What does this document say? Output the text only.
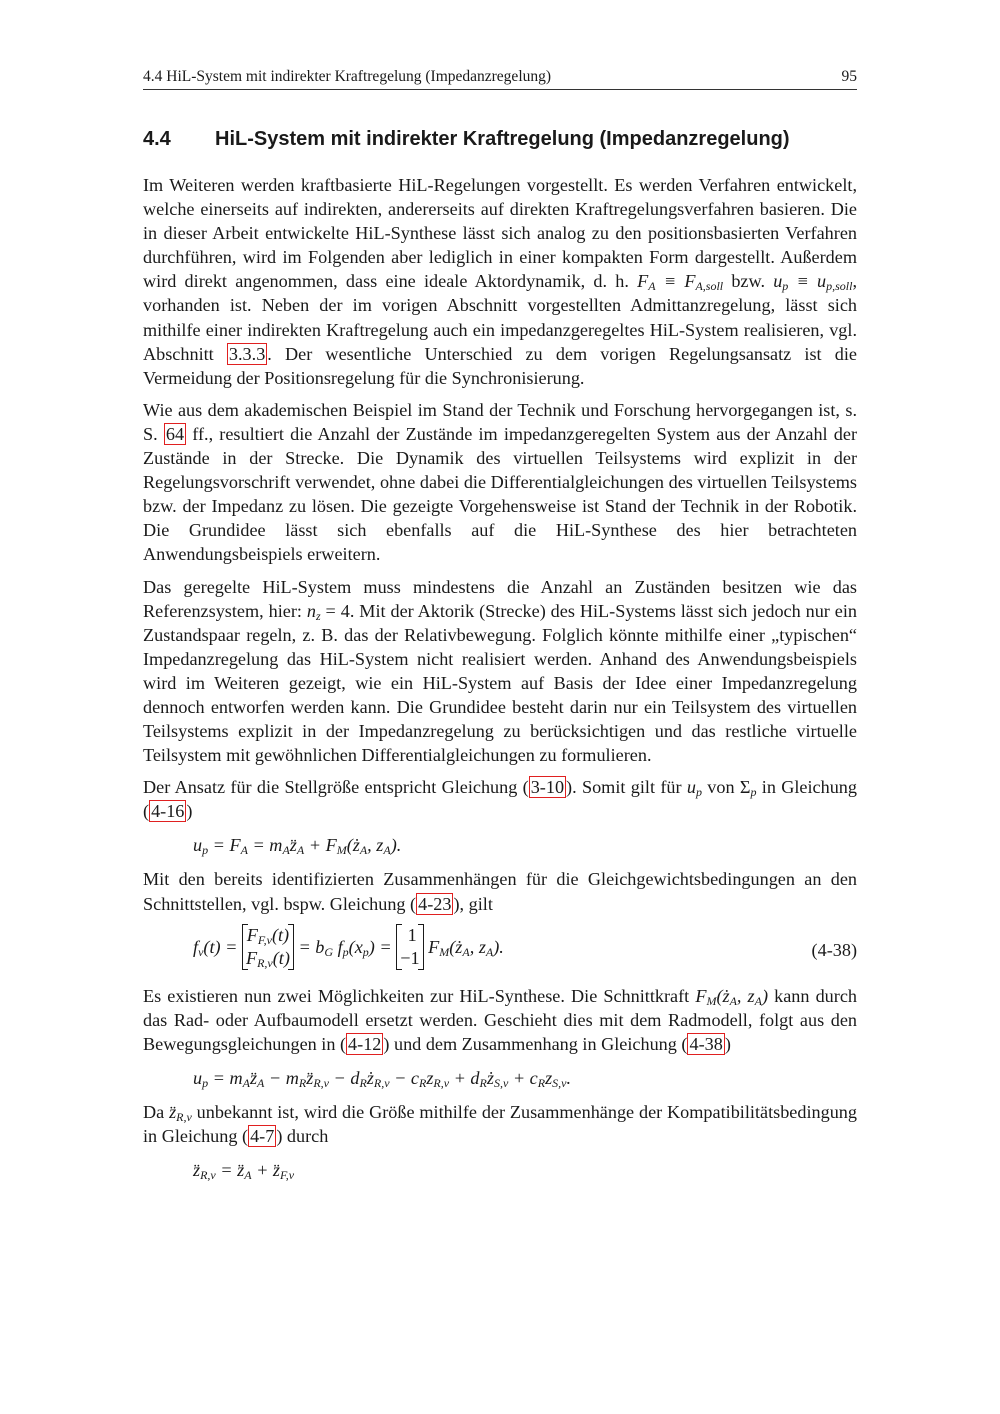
4.4 HiL-System mit indirekter Kraftregelung (Impedanzregelung)	95
4.4 HiL-System mit indirekter Kraftregelung (Impedanzregelung)

Im Weiteren werden kraftbasierte HiL-Regelungen vorgestellt. Es werden Verfahren entwickelt, welche einerseits auf indirekten, andererseits auf direkten Kraftregelungsverfahren basieren. Die in dieser Arbeit entwickelte HiL-Synthese lässt sich analog zu den positionsbasierten Verfahren durchführen, wird im Folgenden aber lediglich in einer kompakten Form dargestellt. Außerdem wird direkt angenommen, dass eine ideale Aktordynamik, d. h. $F_A \equiv F_{A,soll}$ bzw. $u_p \equiv u_{p,soll}$, vorhanden ist. Neben der im vorigen Abschnitt vorgestellten Admittanzregelung, lässt sich mithilfe einer indirekten Kraftregelung auch ein impedanzgeregeltes HiL-System realisieren, vgl. Abschnitt 3.3.3 . Der wesentliche Unterschied zu dem vorigen Regelungsansatz ist die Vermeidung der Positionsregelung für die Synchronisierung.

Wie aus dem akademischen Beispiel im Stand der Technik und Forschung hervorgegangen ist, s. S. 64 ff., resultiert die Anzahl der Zustände im impedanzgeregelten System aus der Anzahl der Zustände in der Strecke. Die Dynamik des virtuellen Teilsystems wird explizit in der Regelungsvorschrift verwendet, ohne dabei die Differentialgleichungen des virtuellen Teilsystems bzw. der Impedanz zu lösen. Die gezeigte Vorgehensweise ist Stand der Technik in der Robotik. Die Grundidee lässt sich ebenfalls auf die HiL-Synthese des hier betrachteten Anwendungsbeispiels erweitern.

Das geregelte HiL-System muss mindestens die Anzahl an Zuständen besitzen wie das Referenzsystem, hier: $n_z = 4$. Mit der Aktorik (Strecke) des HiL-Systems lässt sich jedoch nur ein Zustandspaar regeln, z. B. das der Relativbewegung. Folglich könnte mithilfe einer „typischen“ Impedanzregelung das HiL-System nicht realisiert werden. Anhand des Anwendungsbeispiels wird im Weiteren gezeigt, wie ein HiL-System auf Basis der Idee einer Impedanzregelung dennoch entworfen werden kann. Die Grundidee besteht darin nur ein Teilsystem des virtuellen Teilsystems explizit in der Impedanzregelung zu berücksichtigen und das restliche virtuelle Teilsystem mit gewöhnlichen Differentialgleichungen zu formulieren.

Der Ansatz für die Stellgröße entspricht Gleichung ( 3-10 ). Somit gilt für $u_p$ von $\Sigma_p$ in Gleichung ( 4-16 )

$u_p = F_A$ = $m_Az̈_A$ + $F_M(ż_A$, $z_A$).

Mit den bereits identifizierten Zusammenhängen für die Gleichgewichtsbedingungen an den Schnittstellen, vgl. bspw. Gleichung ( 4-23 ), gilt

$f_v(t)$ =
$F_{F,v}(t)$
$F_{R,v}(t)$
= $b_G$ $f_p(x_p)$ =
1
−1
$F_M(ż_A$, $z_A$).	(4-38)

Es existieren nun zwei Möglichkeiten zur HiL-Synthese. Die Schnittkraft $F_M(ż_A$, $z_A$) kann durch das Rad- oder Aufbaumodell ersetzt werden. Geschieht dies mit dem Radmodell, folgt aus den Bewegungsgleichungen in ( 4-12 ) und dem Zusammenhang in Gleichung ( 4-38 )

$u_p$ = $m_Az̈_A$ − $m_Rz̈_{R,v}$ − $d_Rż_{R,v} - c_Rz_{R,v}$ + $d_Rż_{S,v} + c_Rz_{S,v}$.

Da $z̈_{R,v}$ unbekannt ist, wird die Größe mithilfe der Zusammenhänge der Kompatibilitätsbedingung in Gleichung ( 4-7 ) durch

$z̈_{R,v}$ = $z̈_A$ + $z̈_{F,v}$
